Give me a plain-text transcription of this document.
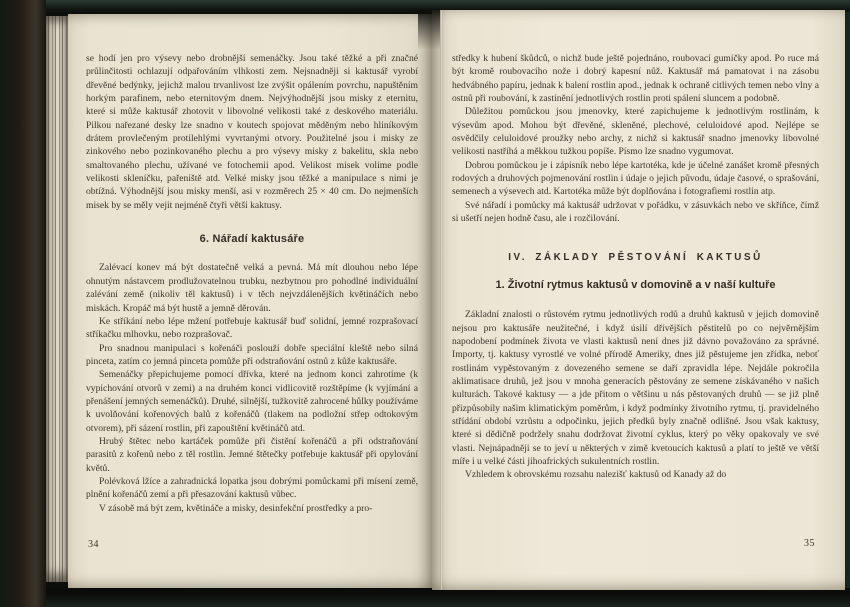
se hodí jen pro výsevy nebo drobnější semenáčky. Jsou také těžké a při značné průlinčitosti ochlazují odpařováním vlhkosti zem. Nejsnadněji si kaktusář vyrobí dřevěné bedýnky, jejichž malou trvanlivost lze zvýšit opálením povrchu, napuštěním horkým parafinem, nebo eternitovým dnem. Nejvýhodnější jsou misky z eternitu, které si může kaktusář zhotovit v libovolné velikosti také z deskového materiálu. Pilkou nařezané desky lze snadno v koutech spojovat měděným nebo hliníkovým drátem provlečeným protilehlými vyvrtanými otvory. Použitelné jsou i misky ze zinkového nebo pozinkovaného plechu a pro výsevy misky z bakelitu, skla nebo smaltovaného plechu, užívané ve fotochemii apod. Velikost misek volíme podle velikosti skleníčku, pařeniště atd. Velké misky jsou těžké a manipulace s nimi je obtížná. Výhodnější jsou misky menší, asi v rozměrech 25 × 40 cm. Do nejmenších misek by se měly vejít nejméně čtyři větší kaktusy.

6. Nářadí kaktusáře

Zalévací konev má být dostatečně velká a pevná. Má mít dlouhou nebo lépe ohnutým nástavcem prodlužovatelnou trubku, nezbytnou pro pohodlné individuální zalévání země (nikoliv těl kaktusů) i v těch nejvzdálenějších květináčích nebo miskách. Kropáč má být hustě a jemně děrován.

Ke stříkání nebo lépe mžení potřebuje kaktusář buď solidní, jemné rozprašovací stříkačku mlhovku, nebo rozprašovač.

Pro snadnou manipulaci s kořenáči poslouží dobře speciální kleště nebo silná pinceta, zatím co jemná pinceta pomůže při odstraňování ostnů z kůže kaktusáře.

Semenáčky přepichujeme pomocí dřívka, které na jednom konci zahrotíme (k vypichování otvorů v zemi) a na druhém konci vidlicovitě rozštěpíme (k vyjímání a přenášení jemných semenáčků). Druhé, silnější, tužkovitě zahrocené hůlky používáme k uvolňování kořenových balů z kořenáčů (tlakem na podložní střep odtokovým otvorem), při sázení rostlin, při zapouštění květináčů atd.

Hrubý štětec nebo kartáček pomůže při čistění kořenáčů a při odstraňování parasitů z kořenů nebo z těl rostlin. Jemné štětečky potřebuje kaktusář při opylování květů.

Polévková lžíce a zahradnická lopatka jsou dobrými pomůckami při mísení země, plnění kořenáčů zemí a při přesazování kaktusů vůbec.

V zásobě má být zem, květináče a misky, desinfekční prostředky a pro-

34

středky k hubení škůdců, o nichž bude ještě pojednáno, roubovací gumičky apod. Po ruce má být kromě roubovacího nože i dobrý kapesní nůž. Kaktusář má pamatovat i na zásobu hedvábného papíru, jednak k balení rostlin apod., jednak k ochraně citlivých temen nebo vlny a ostnů při roubování, k zastínění jednotlivých rostlin proti spálení sluncem a podobně.

Důležitou pomůckou jsou jmenovky, které zapichujeme k jednotlivým rostlinám, k výsevům apod. Mohou být dřevěné, skleněné, plechové, celuloidové apod. Nejlépe se osvědčily celuloidové proužky nebo archy, z nichž si kaktusář snadno jmenovky libovolné velikosti nastříhá a měkkou tužkou popíše. Písmo lze snadno vygumovat.

Dobrou pomůckou je i zápisník nebo lépe kartotéka, kde je účelné zanášet kromě přesných rodových a druhových pojmenování rostlin i údaje o jejich původu, údaje časové, o sprašování, semenech a výsevech atd. Kartotéka může být doplňována i fotografiemi rostlin atp.

Své nářadí i pomůcky má kaktusář udržovat v pořádku, v zásuvkách nebo ve skříňce, čímž si ušetří nejen hodně času, ale i rozčilování.

IV. ZÁKLADY PĚSTOVÁNÍ KAKTUSŮ
1. Životní rytmus kaktusů v domovině a v naší kultuře

Základní znalosti o růstovém rytmu jednotlivých rodů a druhů kaktusů v jejich domovině nejsou pro kaktusáře neužitečné, i když úsilí dřívějších pěstitelů po co nejvěrnějším napodobení podmínek života ve vlasti kaktusů není dnes již dávno považováno za správné. Importy, tj. kaktusy vyrostlé ve volné přírodě Ameriky, dnes již pěstujeme jen zřídka, neboť rostlinám vypěstovaným z dovezeného semene se daří zpravidla lépe. Nejdále pokročila aklimatisace druhů, jež jsou v mnoha generacích pěstovány ze semene získávaného v našich kulturách. Takové kaktusy — a jde přitom o většinu u nás pěstovaných druhů — se již plně přizpůsobily našim klimatickým poměrům, i když podmínky životního rytmu, tj. pravidelného střídání období vzrůstu a odpočinku, jejich předků byly značně odlišné. Jsou však kaktusy, které si dědičně podržely snahu dodržovat životní cyklus, který po věky opakovaly ve své vlasti. Nejnápadněji se to jeví u některých v zimě kvetoucích kaktusů a platí to ještě ve větší míře i u velké části jihoafrických sukulentních rostlin.

Vzhledem k obrovskému rozsahu nalezišť kaktusů od Kanady až do

35
